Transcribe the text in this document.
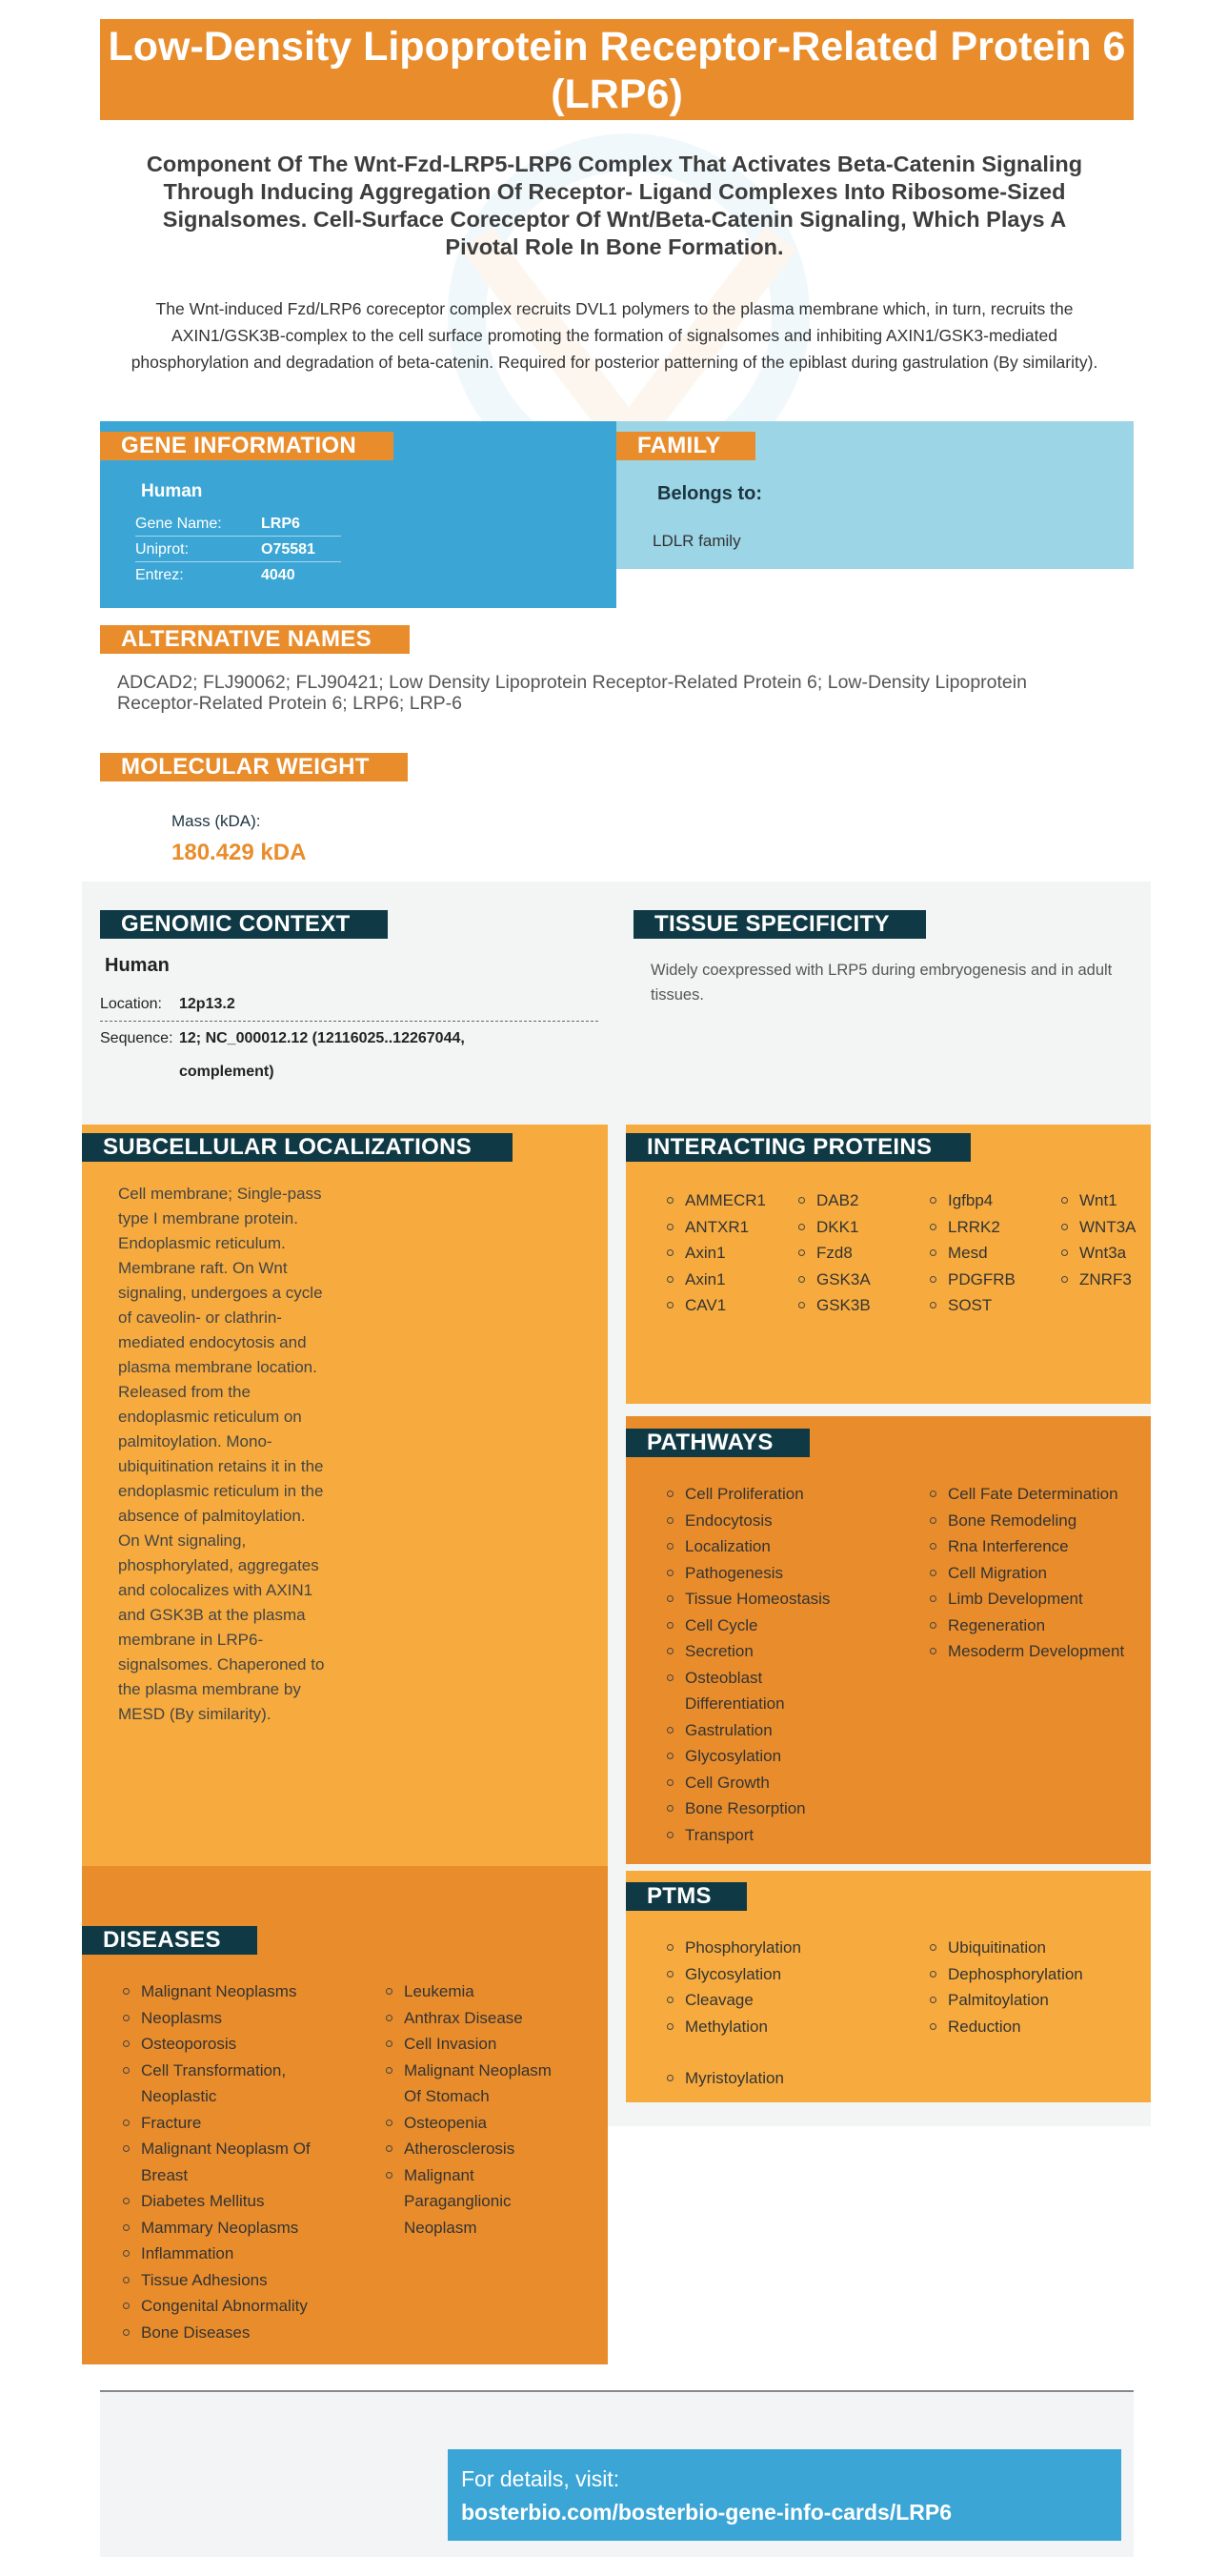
Low-Density Lipoprotein Receptor-Related Protein 6 (LRP6)
Component Of The Wnt-Fzd-LRP5-LRP6 Complex That Activates Beta-Catenin Signaling Through Inducing Aggregation Of Receptor- Ligand Complexes Into Ribosome-Sized Signalsomes. Cell-Surface Coreceptor Of Wnt/Beta-Catenin Signaling, Which Plays A Pivotal Role In Bone Formation.
The Wnt-induced Fzd/LRP6 coreceptor complex recruits DVL1 polymers to the plasma membrane which, in turn, recruits the AXIN1/GSK3B-complex to the cell surface promoting the formation of signalsomes and inhibiting AXIN1/GSK3-mediated phosphorylation and degradation of beta-catenin. Required for posterior patterning of the epiblast during gastrulation (By similarity).
GENE INFORMATION
Human
Gene Name:	LRP6
Uniprot:	O75581
Entrez:	4040
FAMILY
Belongs to:
LDLR family
ALTERNATIVE NAMES
ADCAD2; FLJ90062; FLJ90421; Low Density Lipoprotein Receptor-Related Protein 6; Low-Density Lipoprotein Receptor-Related Protein 6; LRP6; LRP-6
MOLECULAR WEIGHT
Mass (kDA):
180.429 kDA
GENOMIC CONTEXT
Human
Location: 12p13.2
Sequence: 12; NC_000012.12 (12116025..12267044,
complement)
TISSUE SPECIFICITY
Widely coexpressed with LRP5 during embryogenesis and in adult tissues.
SUBCELLULAR LOCALIZATIONS
Cell membrane; Single-pass type I membrane protein. Endoplasmic reticulum. Membrane raft. On Wnt signaling, undergoes a cycle of caveolin- or clathrin-mediated endocytosis and plasma membrane location. Released from the endoplasmic reticulum on palmitoylation. Mono-ubiquitination retains it in the endoplasmic reticulum in the absence of palmitoylation. On Wnt signaling, phosphorylated, aggregates and colocalizes with AXIN1 and GSK3B at the plasma membrane in LRP6-signalsomes. Chaperoned to the plasma membrane by MESD (By similarity).
INTERACTING PROTEINS
AMMECR1
ANTXR1
Axin1
Axin1
CAV1
DAB2
DKK1
Fzd8
GSK3A
GSK3B
Igfbp4
LRRK2
Mesd
PDGFRB
SOST
Wnt1
WNT3A
Wnt3a
ZNRF3
PATHWAYS
Cell Proliferation
Endocytosis
Localization
Pathogenesis
Tissue Homeostasis
Cell Cycle
Secretion
Osteoblast Differentiation
Gastrulation
Glycosylation
Cell Growth
Bone Resorption
Transport
Cell Fate Determination
Bone Remodeling
Rna Interference
Cell Migration
Limb Development
Regeneration
Mesoderm Development
PTMS
Phosphorylation
Glycosylation
Cleavage
Methylation
Ubiquitination
Dephosphorylation
Palmitoylation
Reduction
Myristoylation
DISEASES
Malignant Neoplasms
Neoplasms
Osteoporosis
Cell Transformation, Neoplastic
Fracture
Malignant Neoplasm Of Breast
Diabetes Mellitus
Mammary Neoplasms
Inflammation
Tissue Adhesions
Congenital Abnormality
Bone Diseases
Leukemia
Anthrax Disease
Cell Invasion
Malignant Neoplasm Of Stomach
Osteopenia
Atherosclerosis
Malignant Paraganglionic Neoplasm
For details, visit:
bosterbio.com/bosterbio-gene-info-cards/LRP6
